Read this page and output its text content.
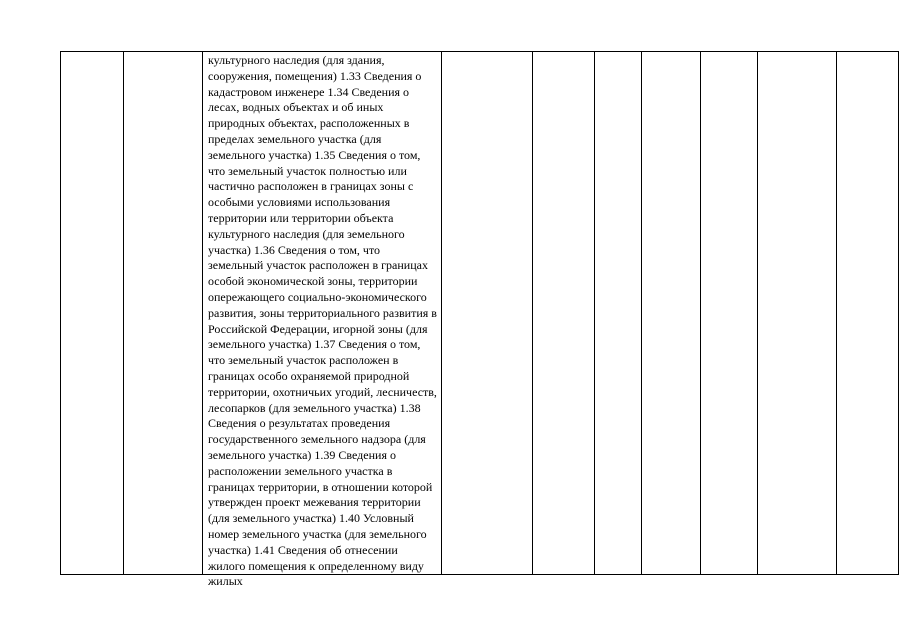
культурного наследия (для здания, сооружения, помещения) 1.33 Сведения о кадастровом инженере 1.34 Сведения о лесах, водных объектах и об иных природных объектах, расположенных в пределах земельного участка (для земельного участка) 1.35 Сведения о том, что земельный участок полностью или частично расположен в границах зоны с особыми условиями использования территории или территории объекта культурного наследия (для земельного участка) 1.36 Сведения о том, что земельный участок расположен в границах особой экономической зоны, территории опережающего социально-экономического развития, зоны территориального развития в Российской Федерации, игорной зоны (для земельного участка) 1.37 Сведения о том, что земельный участок расположен в границах особо охраняемой природной территории, охотничьих угодий, лесничеств, лесопарков (для земельного участка) 1.38 Сведения о результатах проведения государственного земельного надзора (для земельного участка) 1.39 Сведения о расположении земельного участка в границах территории, в отношении которой утвержден проект межевания территории (для земельного участка) 1.40 Условный номер земельного участка (для земельного участка) 1.41 Сведения об отнесении жилого помещения к определенному виду жилых
